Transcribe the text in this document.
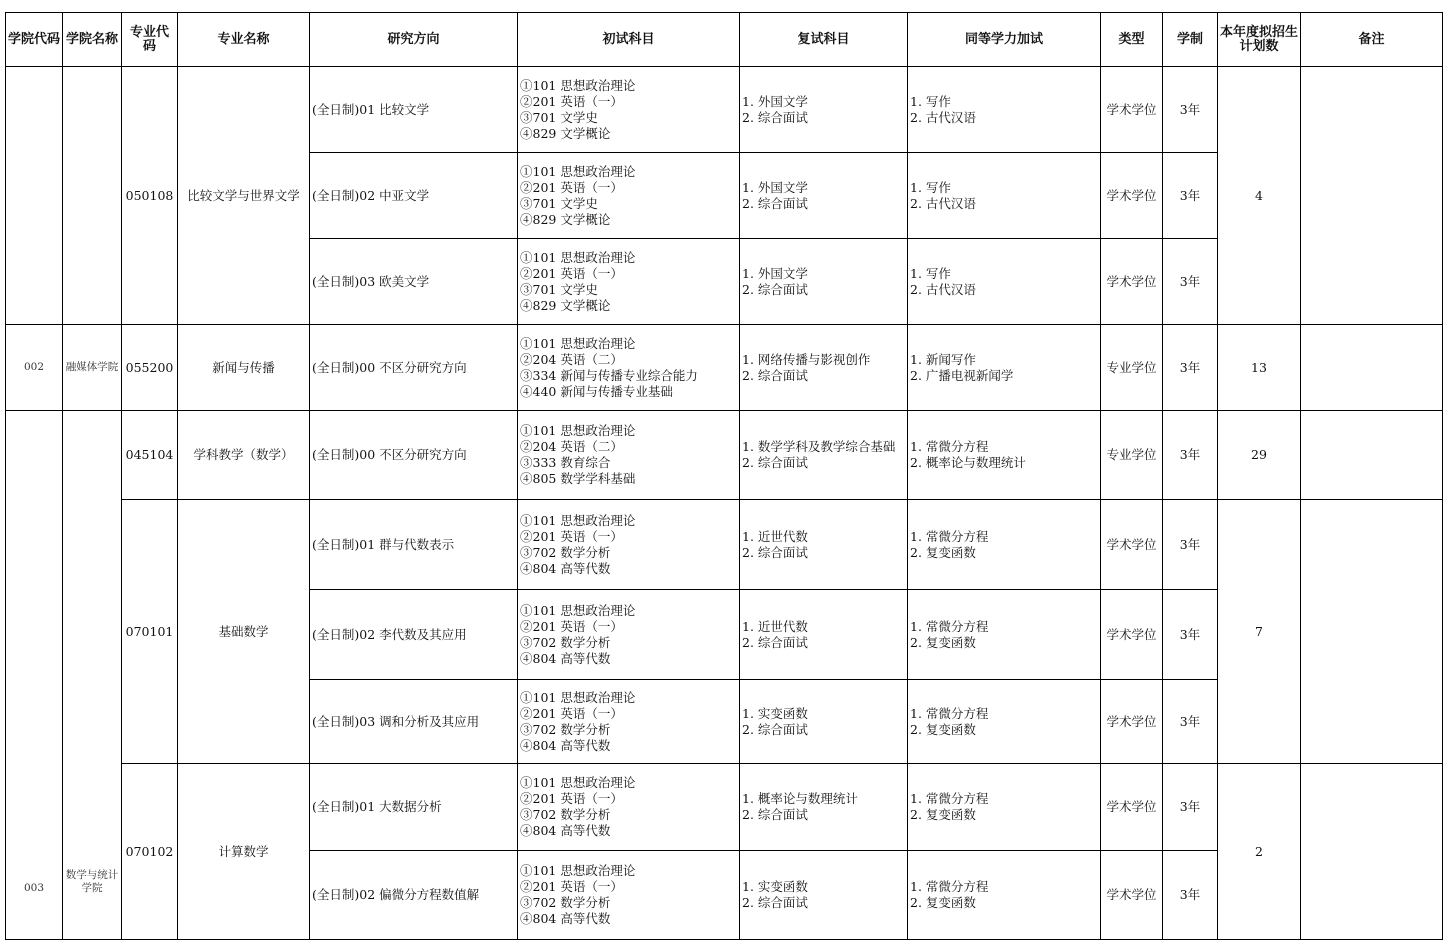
学院代码	学院名称	专业代码	专业名称	研究方向	初试科目	复试科目	同等学力加试	类型	学制	本年度拟招生计划数	备注
		050108	比较文学与世界文学	(全日制)01 比较文学	①101 思想政治理论
②201 英语（一）
③701 文学史
④829 文学概论	1. 外国文学
2. 综合面试	1. 写作
2. 古代汉语	学术学位	3年	4	
				(全日制)02 中亚文学	①101 思想政治理论
②201 英语（一）
③701 文学史
④829 文学概论	1. 外国文学
2. 综合面试	1. 写作
2. 古代汉语	学术学位	3年		
				(全日制)03 欧美文学	①101 思想政治理论
②201 英语（一）
③701 文学史
④829 文学概论	1. 外国文学
2. 综合面试	1. 写作
2. 古代汉语	学术学位	3年		
002	融媒体学院	055200	新闻与传播	(全日制)00 不区分研究方向	①101 思想政治理论
②204 英语（二）
③334 新闻与传播专业综合能力
④440 新闻与传播专业基础	1. 网络传播与影视创作
2. 综合面试	1. 新闻写作
2. 广播电视新闻学	专业学位	3年	13	
003	数学与统计学院	045104	学科教学（数学）	(全日制)00 不区分研究方向	①101 思想政治理论
②204 英语（二）
③333 教育综合
④805 数学学科基础	1. 数学学科及教学综合基础
2. 综合面试	1. 常微分方程
2. 概率论与数理统计	专业学位	3年	29	
		070101	基础数学	(全日制)01 群与代数表示	①101 思想政治理论
②201 英语（一）
③702 数学分析
④804 高等代数	1. 近世代数
2. 综合面试	1. 常微分方程
2. 复变函数	学术学位	3年	7	
				(全日制)02 李代数及其应用	①101 思想政治理论
②201 英语（一）
③702 数学分析
④804 高等代数	1. 近世代数
2. 综合面试	1. 常微分方程
2. 复变函数	学术学位	3年		
				(全日制)03 调和分析及其应用	①101 思想政治理论
②201 英语（一）
③702 数学分析
④804 高等代数	1. 实变函数
2. 综合面试	1. 常微分方程
2. 复变函数	学术学位	3年		
		070102	计算数学	(全日制)01 大数据分析	①101 思想政治理论
②201 英语（一）
③702 数学分析
④804 高等代数	1. 概率论与数理统计
2. 综合面试	1. 常微分方程
2. 复变函数	学术学位	3年	2	
				(全日制)02 偏微分方程数值解	①101 思想政治理论
②201 英语（一）
③702 数学分析
④804 高等代数	1. 实变函数
2. 综合面试	1. 常微分方程
2. 复变函数	学术学位	3年		
